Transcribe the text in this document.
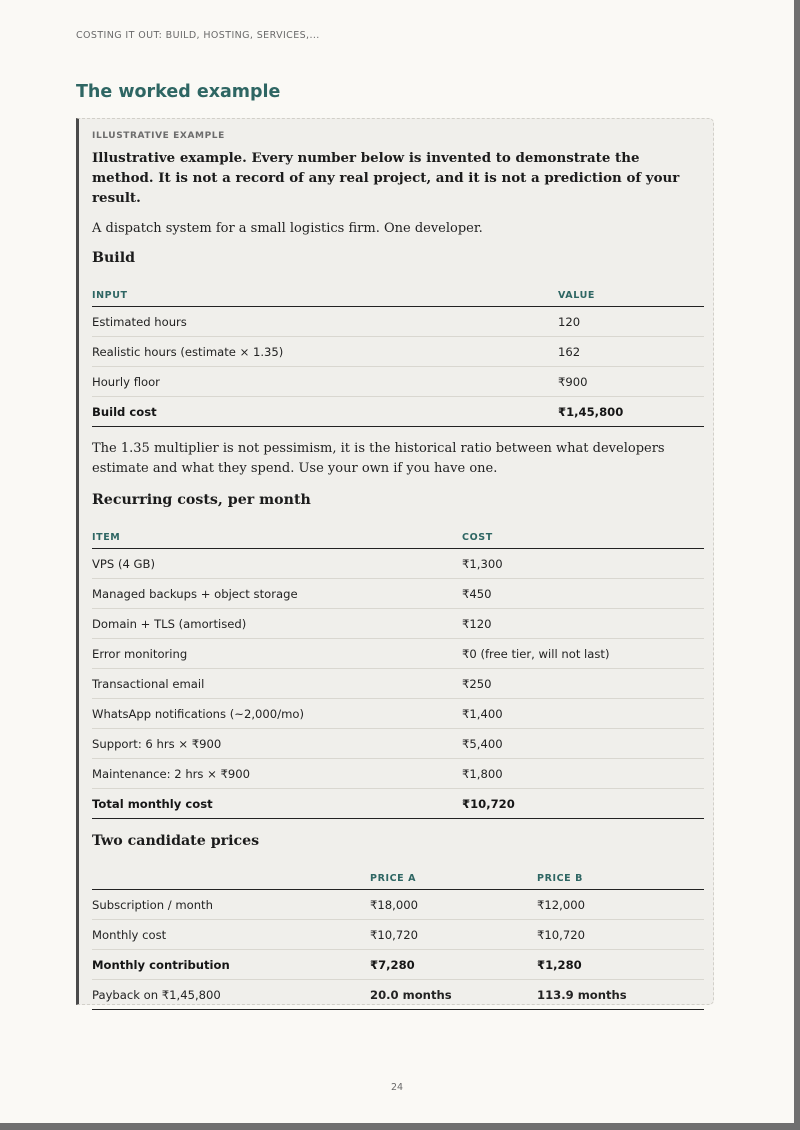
COSTING IT OUT: BUILD, HOSTING, SERVICES,...
The worked example
ILLUSTRATIVE EXAMPLE

Illustrative example. Every number below is invented to demonstrate the method. It is not a record of any real project, and it is not a prediction of your result.

A dispatch system for a small logistics firm. One developer.

Build
INPUT	VALUE
Estimated hours	120
Realistic hours (estimate × 1.35)	162
Hourly floor	₹900
Build cost	₹1,45,800

The 1.35 multiplier is not pessimism, it is the historical ratio between what developers estimate and what they spend. Use your own if you have one.

Recurring costs, per month
ITEM	COST
VPS (4 GB)	₹1,300
Managed backups + object storage	₹450
Domain + TLS (amortised)	₹120
Error monitoring	₹0 (free tier, will not last)
Transactional email	₹250
WhatsApp notifications (~2,000/mo)	₹1,400
Support: 6 hrs × ₹900	₹5,400
Maintenance: 2 hrs × ₹900	₹1,800
Total monthly cost	₹10,720
Two candidate prices
	PRICE A	PRICE B
Subscription / month	₹18,000	₹12,000
Monthly cost	₹10,720	₹10,720
Monthly contribution	₹7,280	₹1,280
Payback on ₹1,45,800	20.0 months	113.9 months
24
